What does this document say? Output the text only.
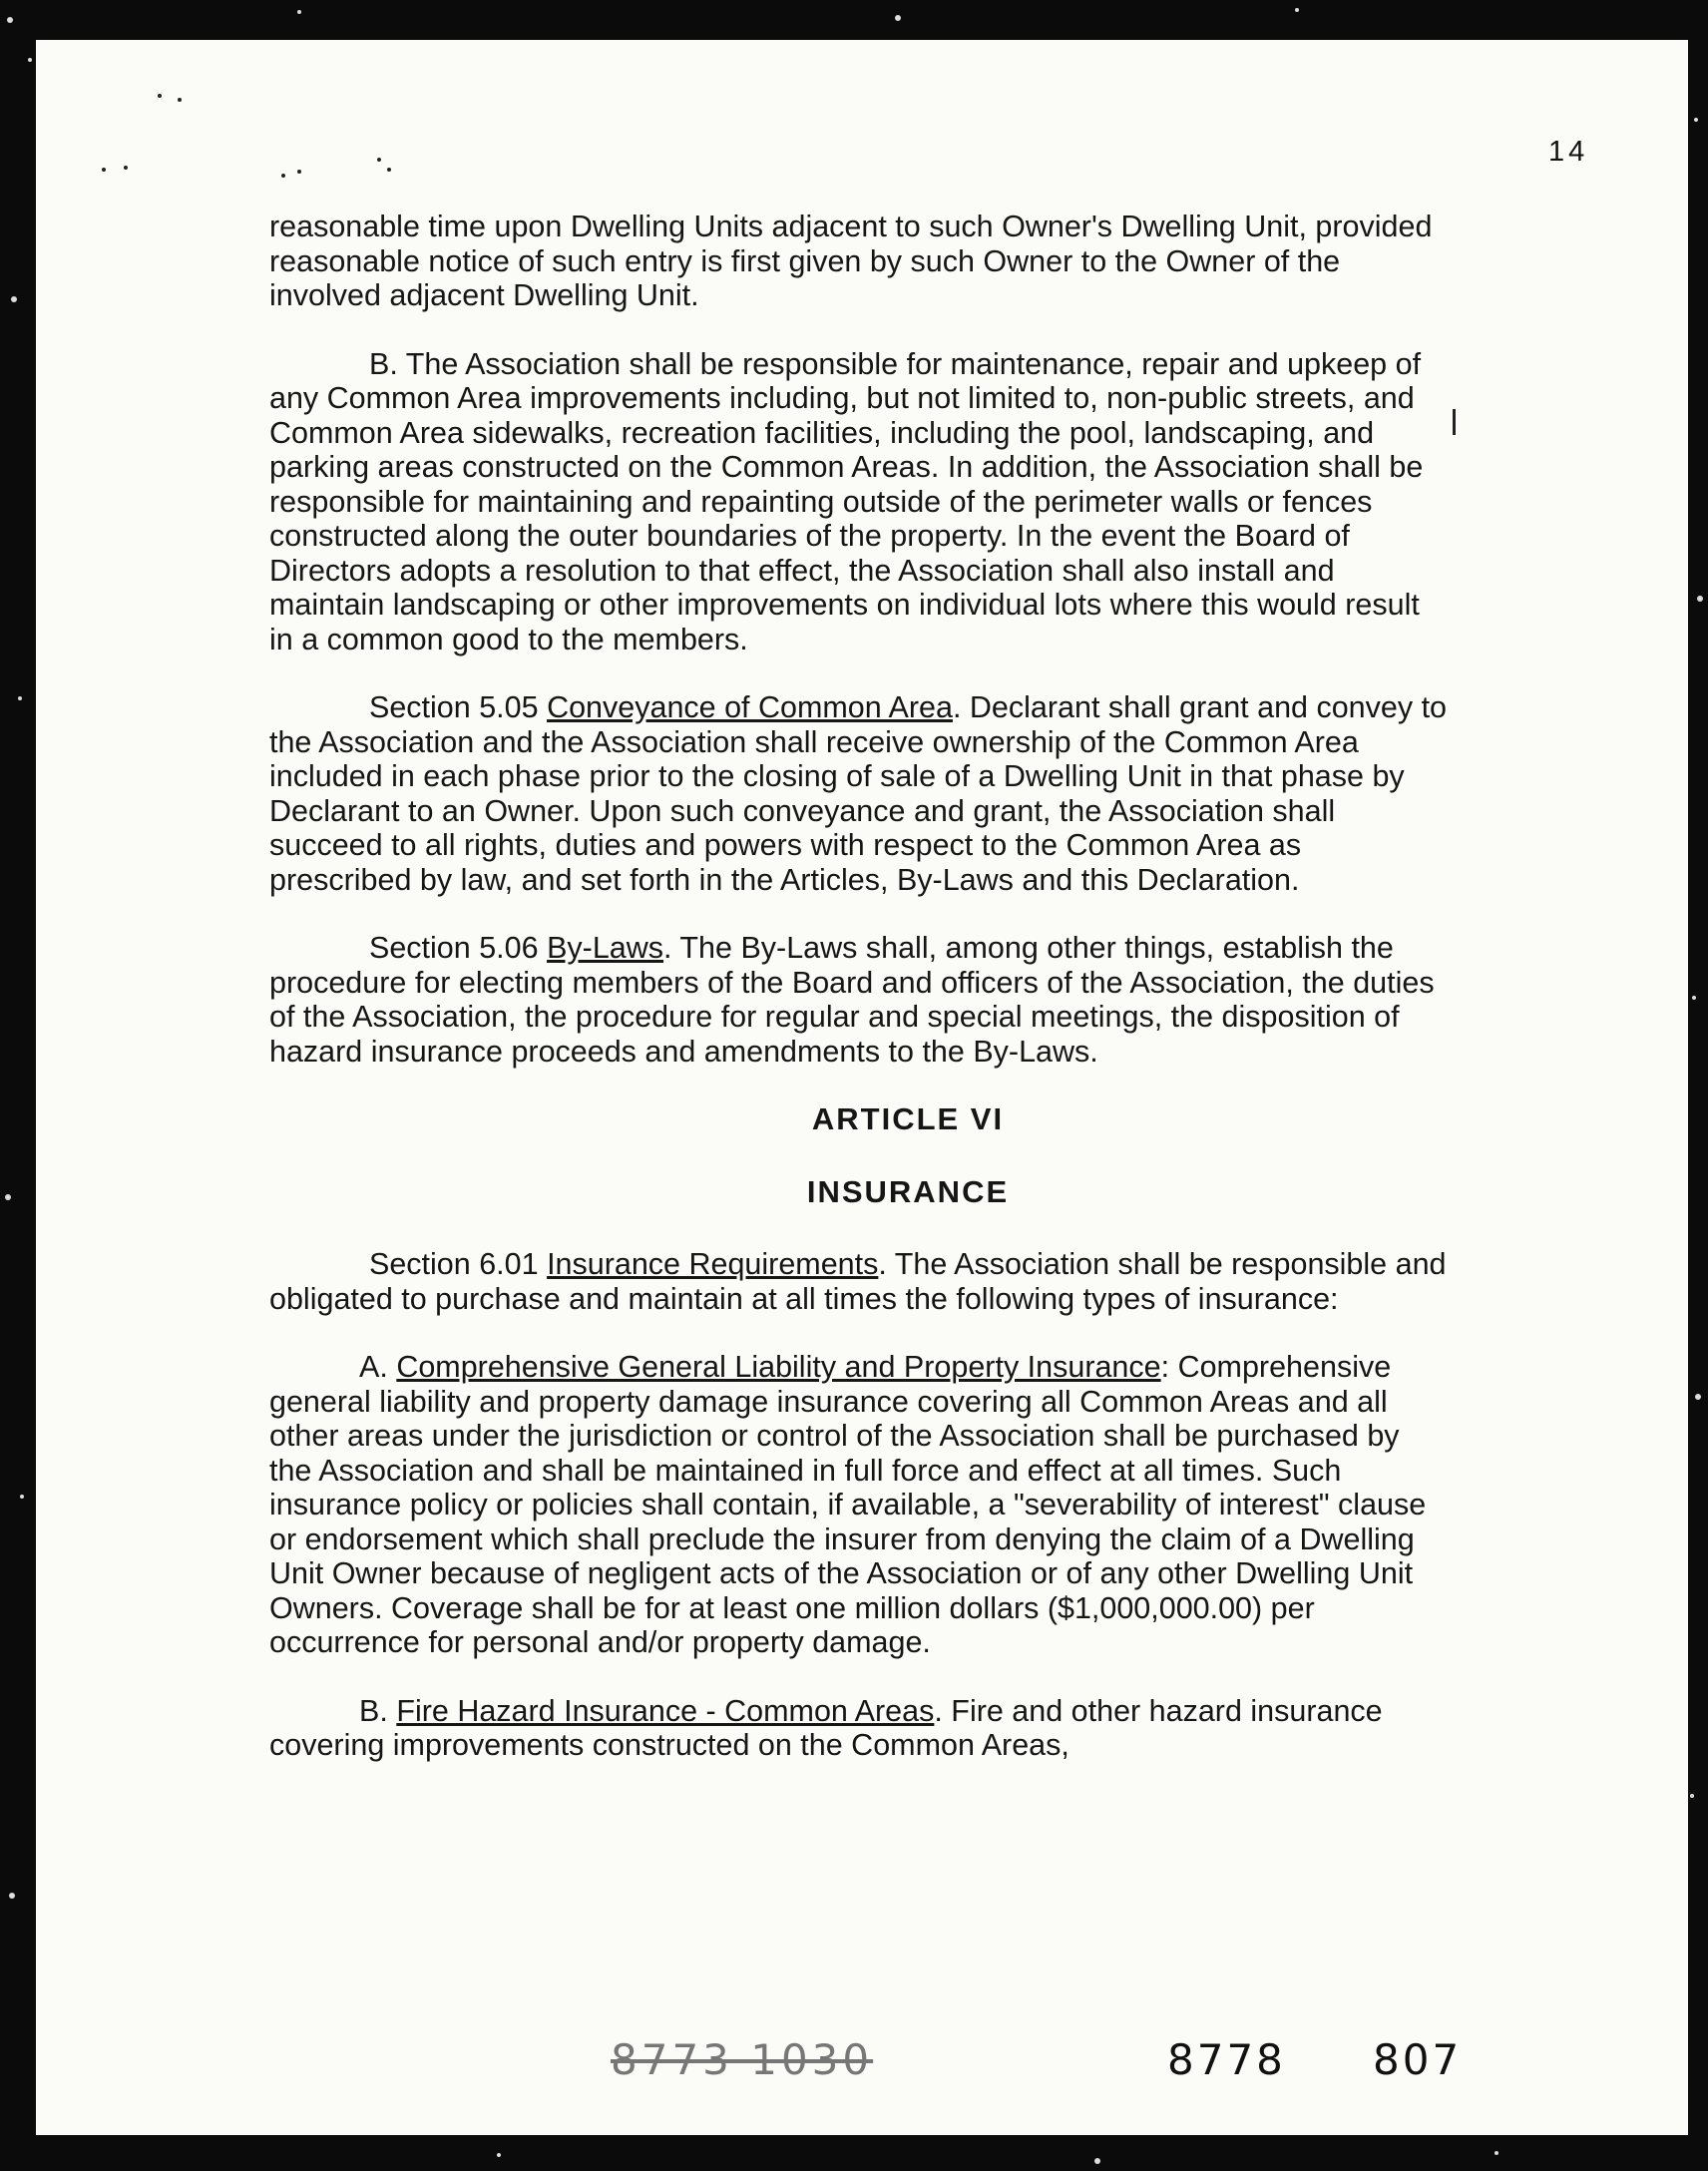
14

reasonable time upon Dwelling Units adjacent to such Owner's Dwelling Unit, provided reasonable notice of such entry is first given by such Owner to the Owner of the involved adjacent Dwelling Unit.

B. The Association shall be responsible for maintenance, repair and upkeep of any Common Area improvements including, but not limited to, non-public streets, and Common Area sidewalks, recreation facilities, including the pool, landscaping, and parking areas constructed on the Common Areas. In addition, the Association shall be responsible for maintaining and repainting outside of the perimeter walls or fences constructed along the outer boundaries of the property. In the event the Board of Directors adopts a resolution to that effect, the Association shall also install and maintain landscaping or other improvements on individual lots where this would result in a common good to the members.

Section 5.05 Conveyance of Common Area. Declarant shall grant and convey to the Association and the Association shall receive ownership of the Common Area included in each phase prior to the closing of sale of a Dwelling Unit in that phase by Declarant to an Owner. Upon such conveyance and grant, the Association shall succeed to all rights, duties and powers with respect to the Common Area as prescribed by law, and set forth in the Articles, By-Laws and this Declaration.

Section 5.06 By-Laws. The By-Laws shall, among other things, establish the procedure for electing members of the Board and officers of the Association, the duties of the Association, the procedure for regular and special meetings, the disposition of hazard insurance proceeds and amendments to the By-Laws.

ARTICLE VI
INSURANCE

Section 6.01 Insurance Requirements. The Association shall be responsible and obligated to purchase and maintain at all times the following types of insurance:

A. Comprehensive General Liability and Property Insurance: Comprehensive general liability and property damage insurance covering all Common Areas and all other areas under the jurisdiction or control of the Association shall be purchased by the Association and shall be maintained in full force and effect at all times. Such insurance policy or policies shall contain, if available, a "severability of interest" clause or endorsement which shall preclude the insurer from denying the claim of a Dwelling Unit Owner because of negligent acts of the Association or of any other Dwelling Unit Owners. Coverage shall be for at least one million dollars ($1,000,000.00) per occurrence for personal and/or property damage.

B. Fire Hazard Insurance - Common Areas. Fire and other hazard insurance covering improvements constructed on the Common Areas,

8773 1030	8778 807
